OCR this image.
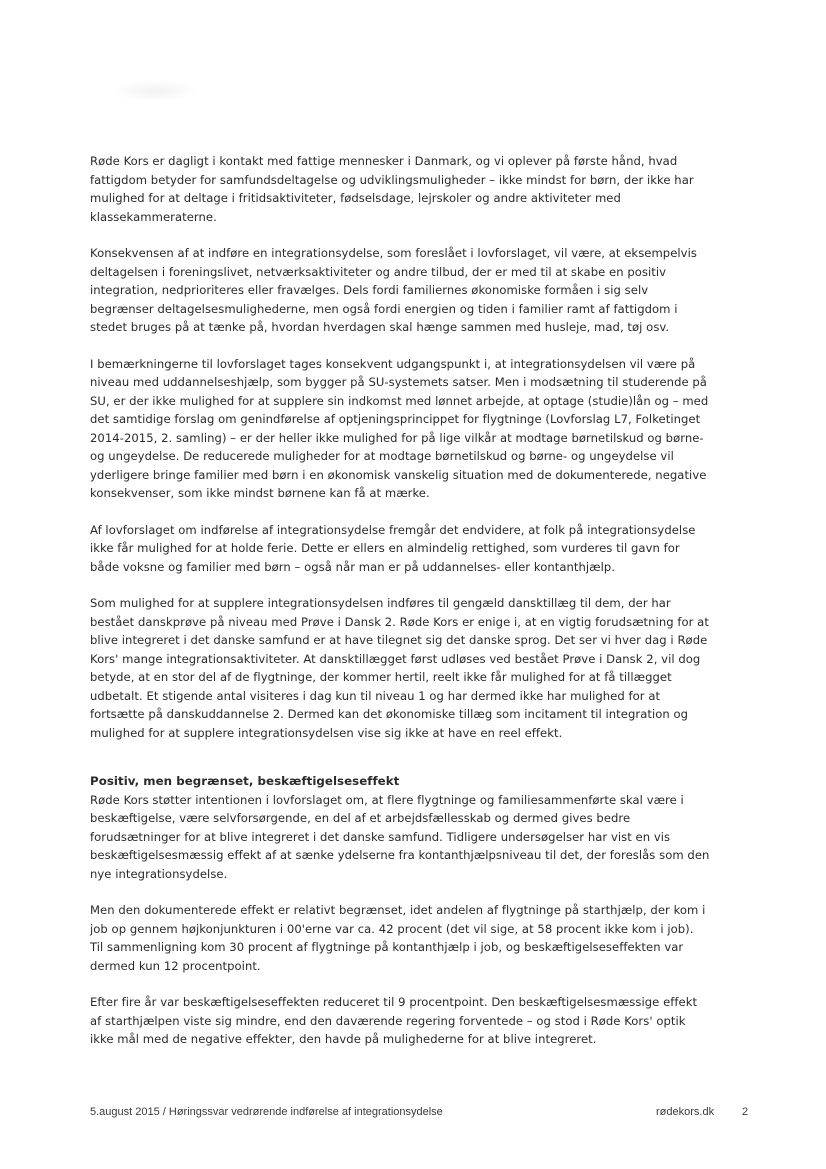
Røde Kors er dagligt i kontakt med fattige mennesker i Danmark, og vi oplever på første hånd, hvad fattigdom betyder for samfundsdeltagelse og udviklingsmuligheder – ikke mindst for børn, der ikke har mulighed for at deltage i fritidsaktiviteter, fødselsdage, lejrskoler og andre aktiviteter med klassekammeraterne.

Konsekvensen af at indføre en integrationsydelse, som foreslået i lovforslaget, vil være, at eksempelvis deltagelsen i foreningslivet, netværksaktiviteter og andre tilbud, der er med til at skabe en positiv integration, nedprioriteres eller fravælges. Dels fordi familiernes økonomiske formåen i sig selv begrænser deltagelsesmulighederne, men også fordi energien og tiden i familier ramt af fattigdom i stedet bruges på at tænke på, hvordan hverdagen skal hænge sammen med husleje, mad, tøj osv.

I bemærkningerne til lovforslaget tages konsekvent udgangspunkt i, at integrationsydelsen vil være på niveau med uddannelseshjælp, som bygger på SU-systemets satser. Men i modsætning til studerende på SU, er der ikke mulighed for at supplere sin indkomst med lønnet arbejde, at optage (studie)lån og – med det samtidige forslag om genindførelse af optjeningsprincippet for flygtninge (Lovforslag L7, Folketinget 2014-2015, 2. samling) – er der heller ikke mulighed for på lige vilkår at modtage børnetilskud og børne- og ungeydelse. De reducerede muligheder for at modtage børnetilskud og børne- og ungeydelse vil yderligere bringe familier med børn i en økonomisk vanskelig situation med de dokumenterede, negative konsekvenser, som ikke mindst børnene kan få at mærke.

Af lovforslaget om indførelse af integrationsydelse fremgår det endvidere, at folk på integrationsydelse ikke får mulighed for at holde ferie. Dette er ellers en almindelig rettighed, som vurderes til gavn for både voksne og familier med børn – også når man er på uddannelses- eller kontanthjælp.

Som mulighed for at supplere integrationsydelsen indføres til gengæld dansktillæg til dem, der har bestået danskprøve på niveau med Prøve i Dansk 2. Røde Kors er enige i, at en vigtig forudsætning for at blive integreret i det danske samfund er at have tilegnet sig det danske sprog. Det ser vi hver dag i Røde Kors' mange integrationsaktiviteter. At dansktillægget først udløses ved bestået Prøve i Dansk 2, vil dog betyde, at en stor del af de flygtninge, der kommer hertil, reelt ikke får mulighed for at få tillægget udbetalt. Et stigende antal visiteres i dag kun til niveau 1 og har dermed ikke har mulighed for at fortsætte på danskuddannelse 2. Dermed kan det økonomiske tillæg som incitament til integration og mulighed for at supplere integrationsydelsen vise sig ikke at have en reel effekt.

Positiv, men begrænset, beskæftigelseseffekt

Røde Kors støtter intentionen i lovforslaget om, at flere flygtninge og familiesammenførte skal være i beskæftigelse, være selvforsørgende, en del af et arbejdsfællesskab og dermed gives bedre forudsætninger for at blive integreret i det danske samfund. Tidligere undersøgelser har vist en vis beskæftigelsesmæssig effekt af at sænke ydelserne fra kontanthjælpsniveau til det, der foreslås som den nye integrationsydelse.

Men den dokumenterede effekt er relativt begrænset, idet andelen af flygtninge på starthjælp, der kom i job op gennem højkonjunkturen i 00'erne var ca. 42 procent (det vil sige, at 58 procent ikke kom i job). Til sammenligning kom 30 procent af flygtninge på kontanthjælp i job, og beskæftigelseseffekten var dermed kun 12 procentpoint.

Efter fire år var beskæftigelseseffekten reduceret til 9 procentpoint. Den beskæftigelsesmæssige effekt af starthjælpen viste sig mindre, end den daværende regering forventede – og stod i Røde Kors' optik ikke mål med de negative effekter, den havde på mulighederne for at blive integreret.

5.august 2015 / Høringssvar vedrørende indførelse af integrationsydelse	rødekors.dk	2
